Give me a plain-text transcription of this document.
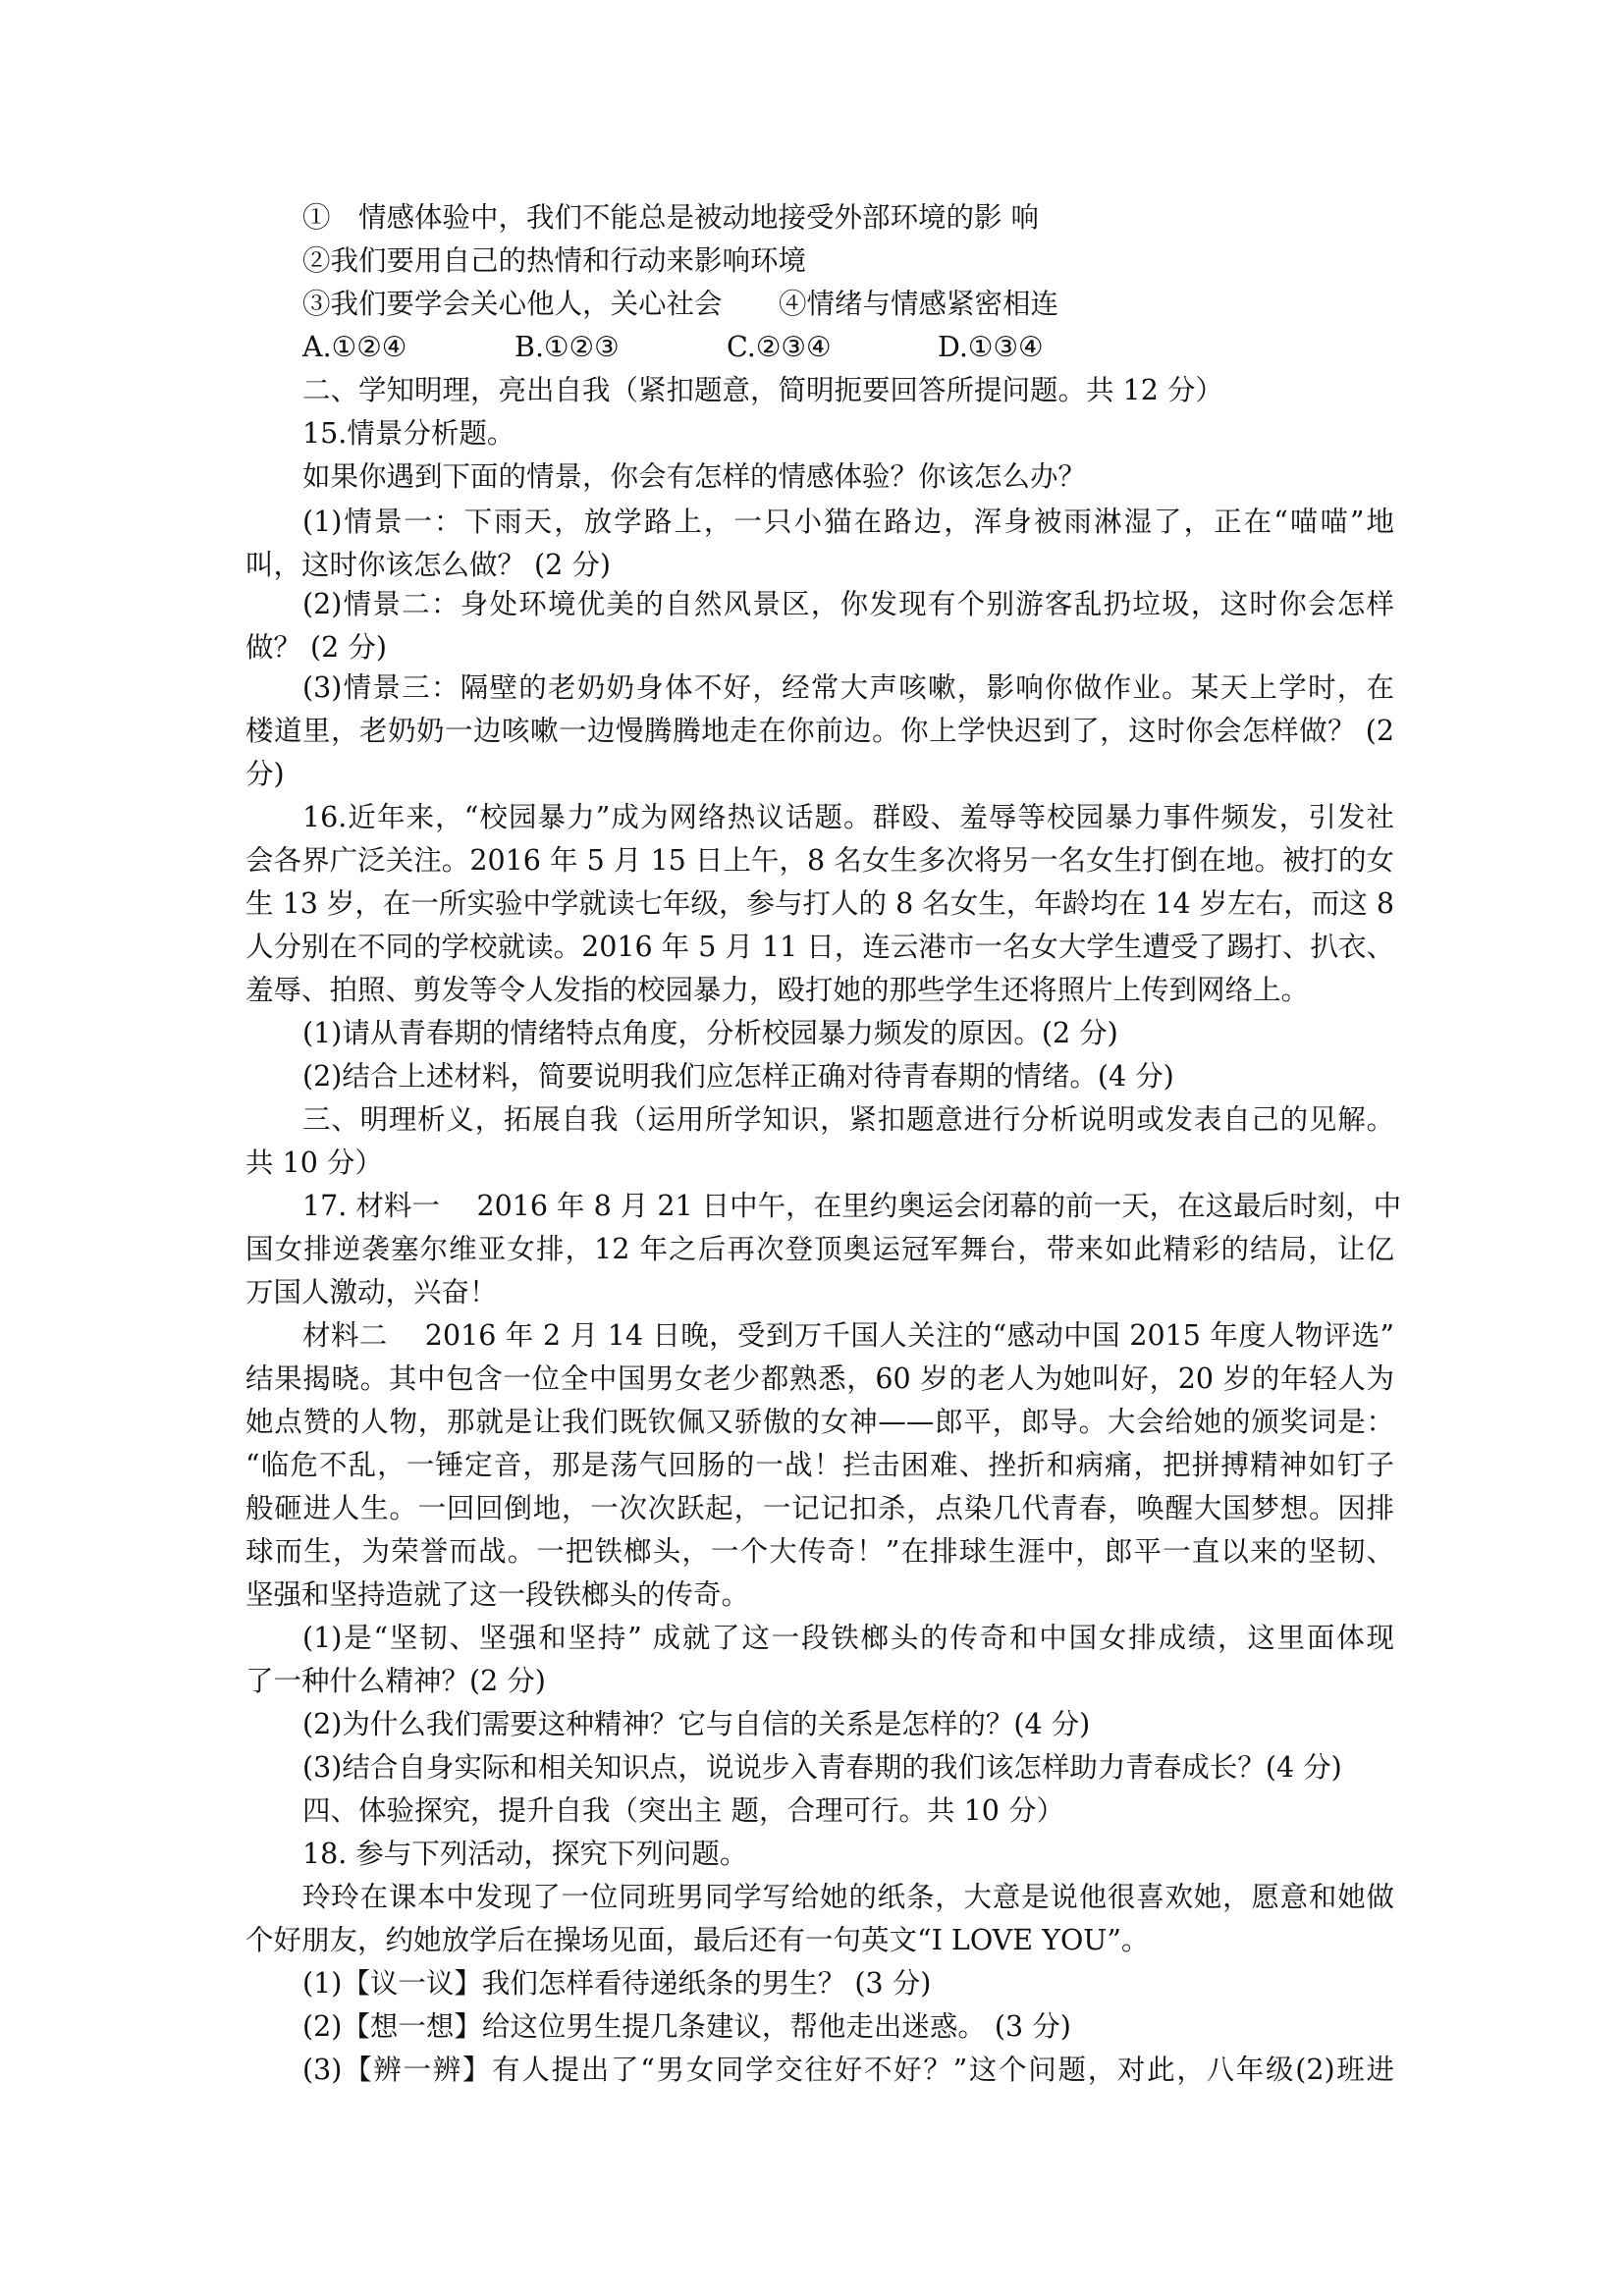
①　情感体验中，我们不能总是被动地接受外部环境的影 响
②我们要用自己的热情和行动来影响环境
③我们要学会关心他人，关心社会	④情绪与情感紧密相连
A.①②④	B.①②③	C.②③④	D.①③④
二、学知明理，亮出自我（紧扣题意，简明扼要回答所提问题。共 12 分）
15.情景分析题。
如果你遇到下面的情景，你会有怎样的情感体验？你该怎么办？
(1)情景一：下雨天，放学路上，一只小猫在路边，浑身被雨淋湿了，正在“喵喵”地
叫，这时你该怎么做？ (2 分)
(2)情景二：身处环境优美的自然风景区，你发现有个别游客乱扔垃圾，这时你会怎样
做？ (2 分)
(3)情景三：隔壁的老奶奶身体不好，经常大声咳嗽，影响你做作业。某天上学时，在
楼道里，老奶奶一边咳嗽一边慢腾腾地走在你前边。你上学快迟到了，这时你会怎样做？ (2
分)
16.近年来，“校园暴力”成为网络热议话题。群殴、羞辱等校园暴力事件频发，引发社
会各界广泛关注。2016 年 5 月 15 日上午，8 名女生多次将另一名女生打倒在地。被打的女
生 13 岁，在一所实验中学就读七年级，参与打人的 8 名女生，年龄均在 14 岁左右，而这 8
人分别在不同的学校就读。2016 年 5 月 11 日，连云港市一名女大学生遭受了踢打、扒衣、
羞辱、拍照、剪发等令人发指的校园暴力，殴打她的那些学生还将照片上传到网络上。
(1)请从青春期的情绪特点角度，分析校园暴力频发的原因。(2 分)
(2)结合上述材料，简要说明我们应怎样正确对待青春期的情绪。(4 分)
三、明理析义，拓展自我（运用所学知识，紧扣题意进行分析说明或发表自己的见解。
共 10 分）
17. 材料一　 2016 年 8 月 21 日中午，在里约奥运会闭幕的前一天，在这最后时刻，中
国女排逆袭塞尔维亚女排，12 年之后再次登顶奥运冠军舞台，带来如此精彩的结局，让亿
万国人激动，兴奋！
材料二　 2016 年 2 月 14 日晚，受到万千国人关注的“感动中国 2015 年度人物评选”
结果揭晓。其中包含一位全中国男女老少都熟悉，60 岁的老人为她叫好，20 岁的年轻人为
她点赞的人物，那就是让我们既钦佩又骄傲的女神——郎平，郎导。大会给她的颁奖词是：
“临危不乱，一锤定音，那是荡气回肠的一战！拦击困难、挫折和病痛，把拼搏精神如钉子
般砸进人生。一回回倒地，一次次跃起，一记记扣杀，点染几代青春，唤醒大国梦想。因排
球而生，为荣誉而战。一把铁榔头，一个大传奇！”在排球生涯中，郎平一直以来的坚韧、
坚强和坚持造就了这一段铁榔头的传奇。
(1)是“坚韧、坚强和坚持” 成就了这一段铁榔头的传奇和中国女排成绩，这里面体现
了一种什么精神？(2 分)
(2)为什么我们需要这种精神？它与自信的关系是怎样的？(4 分)
(3)结合自身实际和相关知识点，说说步入青春期的我们该怎样助力青春成长？(4 分)
四、体验探究，提升自我（突出主 题，合理可行。共 10 分）
18. 参与下列活动，探究下列问题。
玲玲在课本中发现了一位同班男同学写给她的纸条，大意是说他很喜欢她，愿意和她做
个好朋友，约她放学后在操场见面，最后还有一句英文“I LOVE YOU”。
(1)【议一议】我们怎样看待递纸条的男生？ (3 分)
(2)【想一想】给这位男生提几条建议，帮他走出迷惑。 (3 分)
(3)【辨一辨】有人提出了“男女同学交往好不好？”这个问题，对此，八年级(2)班进
